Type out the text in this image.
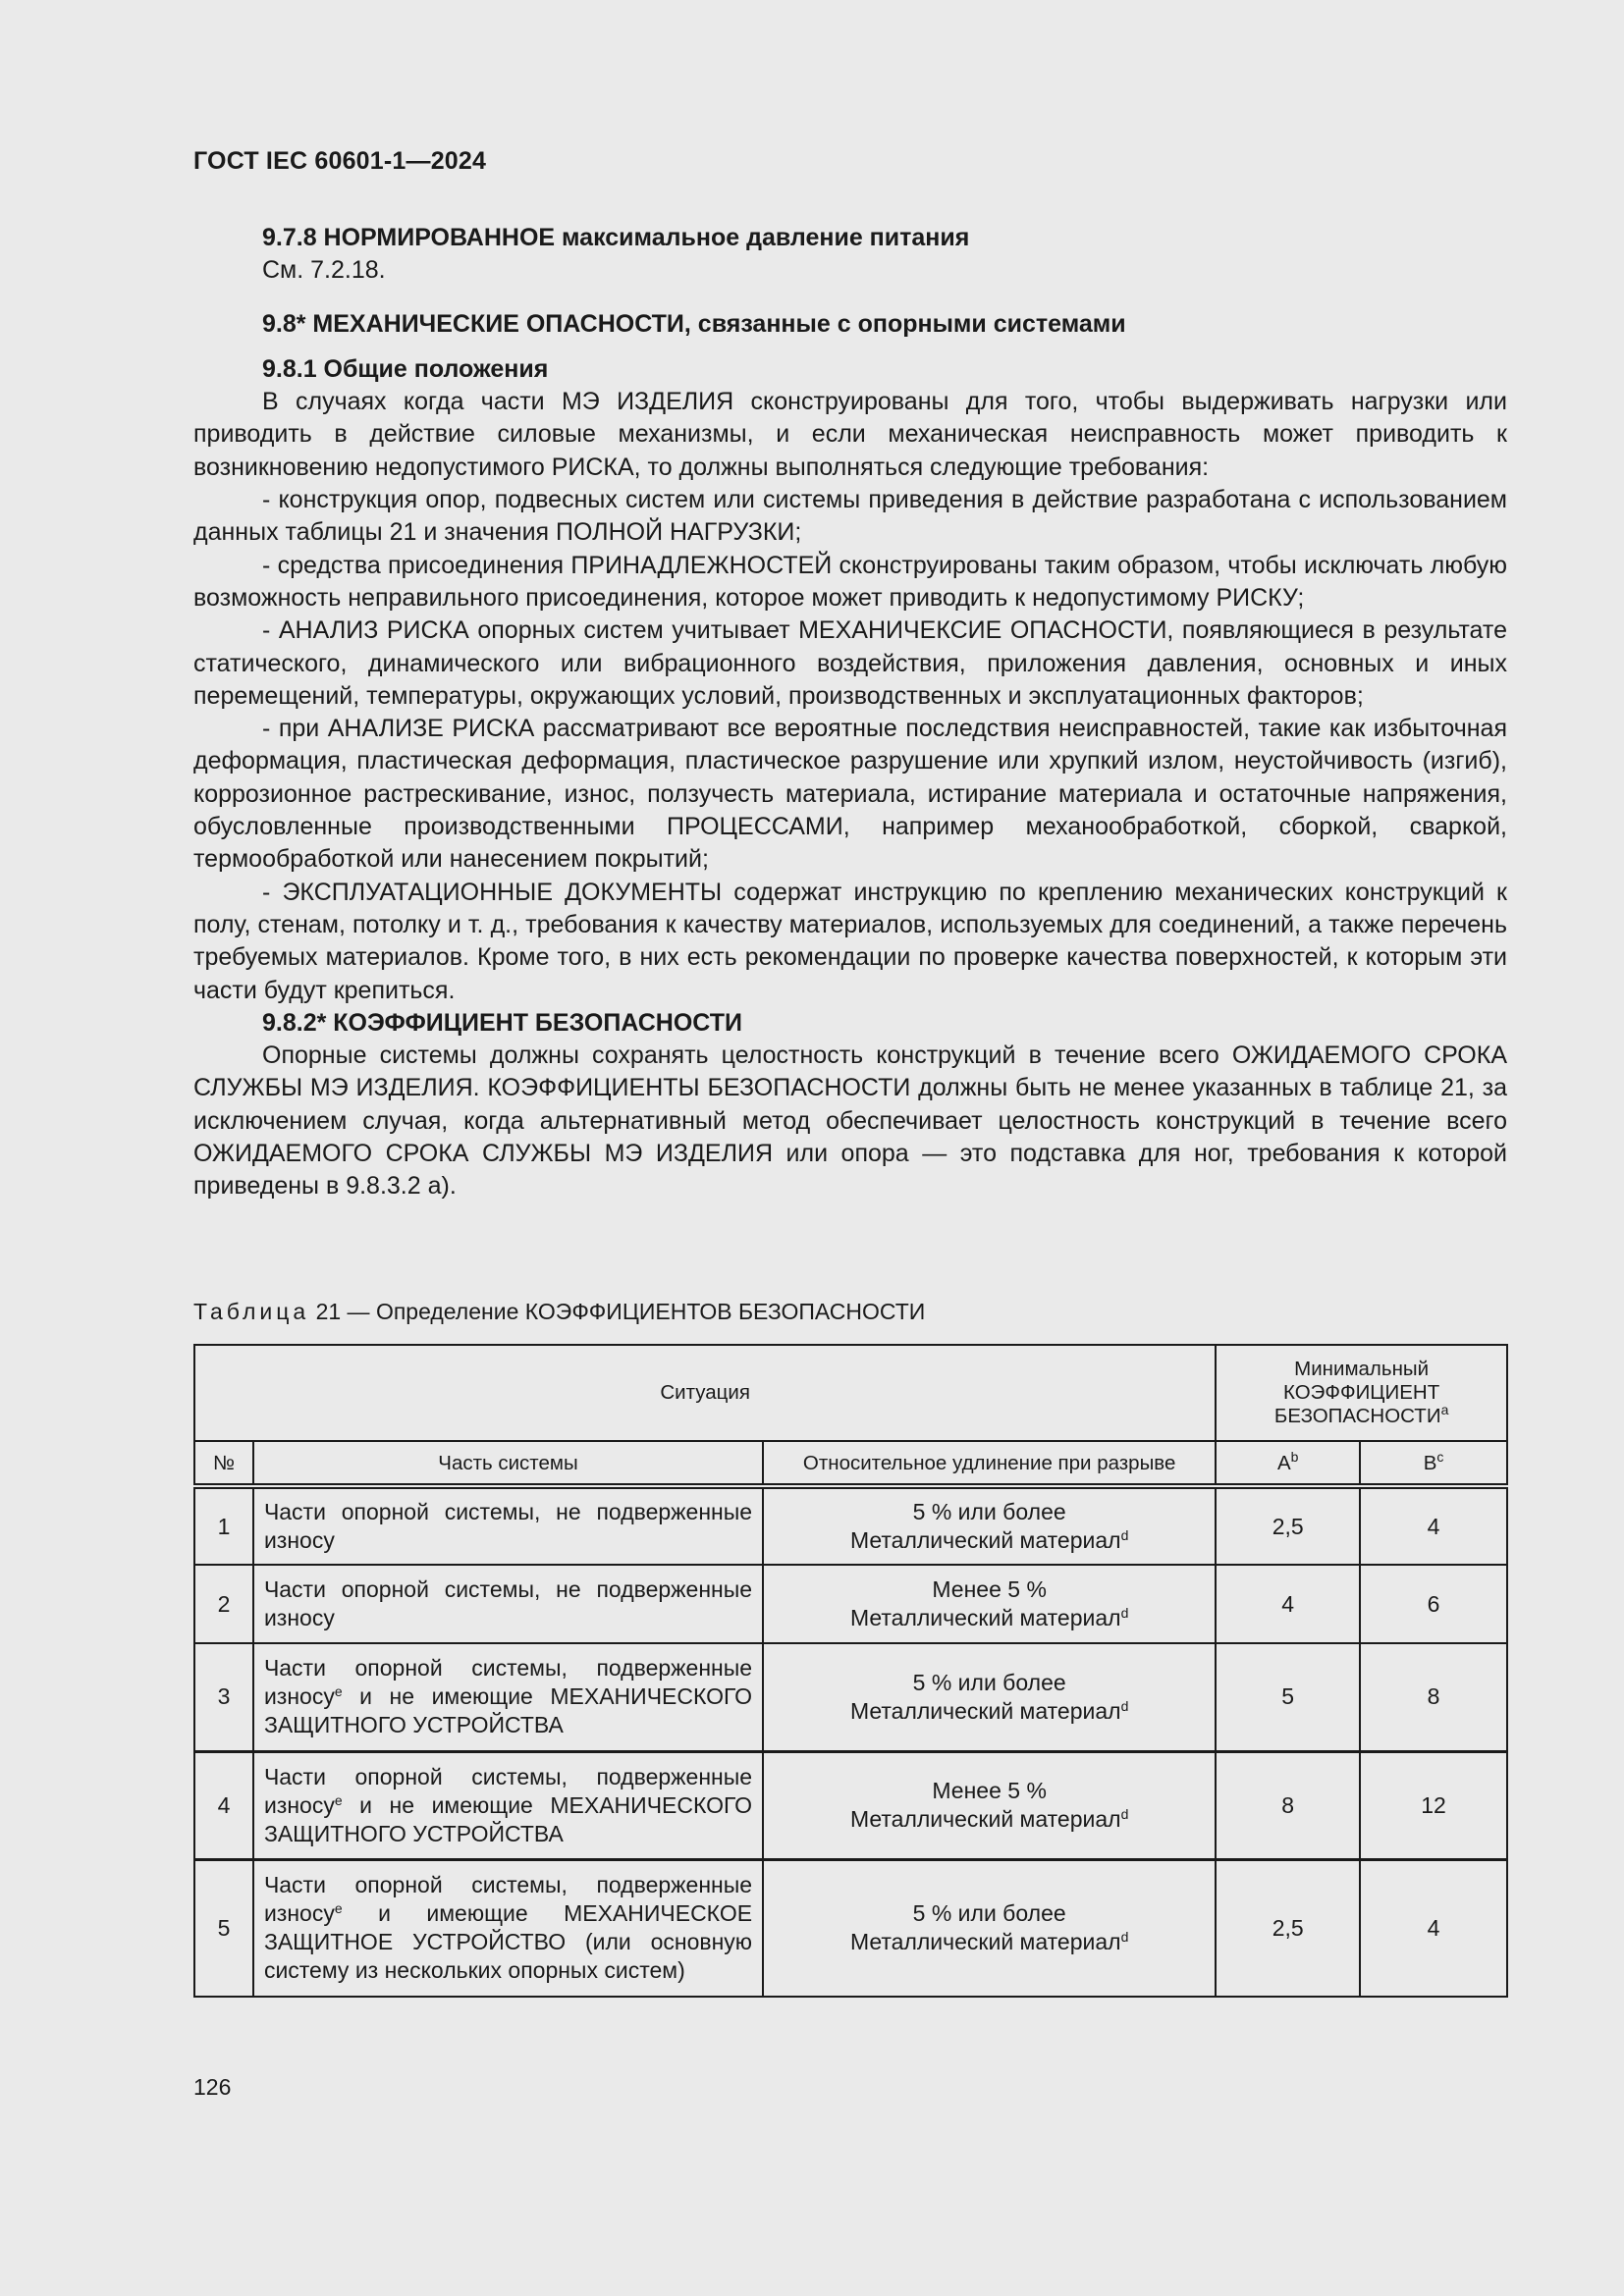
ГОСТ IEC 60601-1—2024

9.7.8 НОРМИРОВАННОЕ максимальное давление питания

См. 7.2.18.

9.8* МЕХАНИЧЕСКИЕ ОПАСНОСТИ, связанные с опорными системами

9.8.1 Общие положения

В случаях когда части МЭ ИЗДЕЛИЯ сконструированы для того, чтобы выдерживать нагрузки или приводить в действие силовые механизмы, и если механическая неисправность может приводить к возникновению недопустимого РИСКА, то должны выполняться следующие требования:

- конструкция опор, подвесных систем или системы приведения в действие разработана с использованием данных таблицы 21 и значения ПОЛНОЙ НАГРУЗКИ;

- средства присоединения ПРИНАДЛЕЖНОСТЕЙ сконструированы таким образом, чтобы исключать любую возможность неправильного присоединения, которое может приводить к недопустимому РИСКУ;

- АНАЛИЗ РИСКА опорных систем учитывает МЕХАНИЧЕКСИЕ ОПАСНОСТИ, появляющиеся в результате статического, динамического или вибрационного воздействия, приложения давления, основных и иных перемещений, температуры, окружающих условий, производственных и эксплуатационных факторов;

- при АНАЛИЗЕ РИСКА рассматривают все вероятные последствия неисправностей, такие как избыточная деформация, пластическая деформация, пластическое разрушение или хрупкий излом, неустойчивость (изгиб), коррозионное растрескивание, износ, ползучесть материала, истирание материала и остаточные напряжения, обусловленные производственными ПРОЦЕССАМИ, например механообработкой, сборкой, сваркой, термообработкой или нанесением покрытий;

- ЭКСПЛУАТАЦИОННЫЕ ДОКУМЕНТЫ содержат инструкцию по креплению механических конструкций к полу, стенам, потолку и т. д., требования к качеству материалов, используемых для соединений, а также перечень требуемых материалов. Кроме того, в них есть рекомендации по проверке качества поверхностей, к которым эти части будут крепиться.

9.8.2* КОЭФФИЦИЕНТ БЕЗОПАСНОСТИ

Опорные системы должны сохранять целостность конструкций в течение всего ОЖИДАЕМОГО СРОКА СЛУЖБЫ МЭ ИЗДЕЛИЯ. КОЭФФИЦИЕНТЫ БЕЗОПАСНОСТИ должны быть не менее указанных в таблице 21, за исключением случая, когда альтернативный метод обеспечивает целостность конструкций в течение всего ОЖИДАЕМОГО СРОКА СЛУЖБЫ МЭ ИЗДЕЛИЯ или опора — это подставка для ног, требования к которой приведены в 9.8.3.2 а).

Таблица 21 — Определение КОЭФФИЦИЕНТОВ БЕЗОПАСНОСТИ
Ситуация			Минимальный
КОЭФФИЦИЕНТ
БЕЗОПАСНОСТИ$^a$
№	Часть системы	Относительное удлинение при разрыве	$A^b$	$B^c$
1	Части опорной системы, не подверженные износу	5 % или более
Металлический материал$^d$	2,5	4
2	Части опорной системы, не подверженные износу	Менее 5 %
Металлический материал$^d$	4	6
3	Части опорной системы, подверженные износу$^e$ и не имеющие МЕХАНИЧЕСКОГО ЗАЩИТНОГО УСТРОЙСТВА	5 % или более
Металлический материал$^d$	5	8
4	Части опорной системы, подверженные износу$^e$ и не имеющие МЕХАНИЧЕСКОГО ЗАЩИТНОГО УСТРОЙСТВА	Менее 5 %
Металлический материал$^d$	8	12
5	Части опорной системы, подверженные износу$^e$ и имеющие МЕХАНИЧЕСКОЕ ЗАЩИТНОЕ УСТРОЙСТВО (или основную систему из нескольких опорных систем)	5 % или более
Металлический материал$^d$	2,5	4
126
